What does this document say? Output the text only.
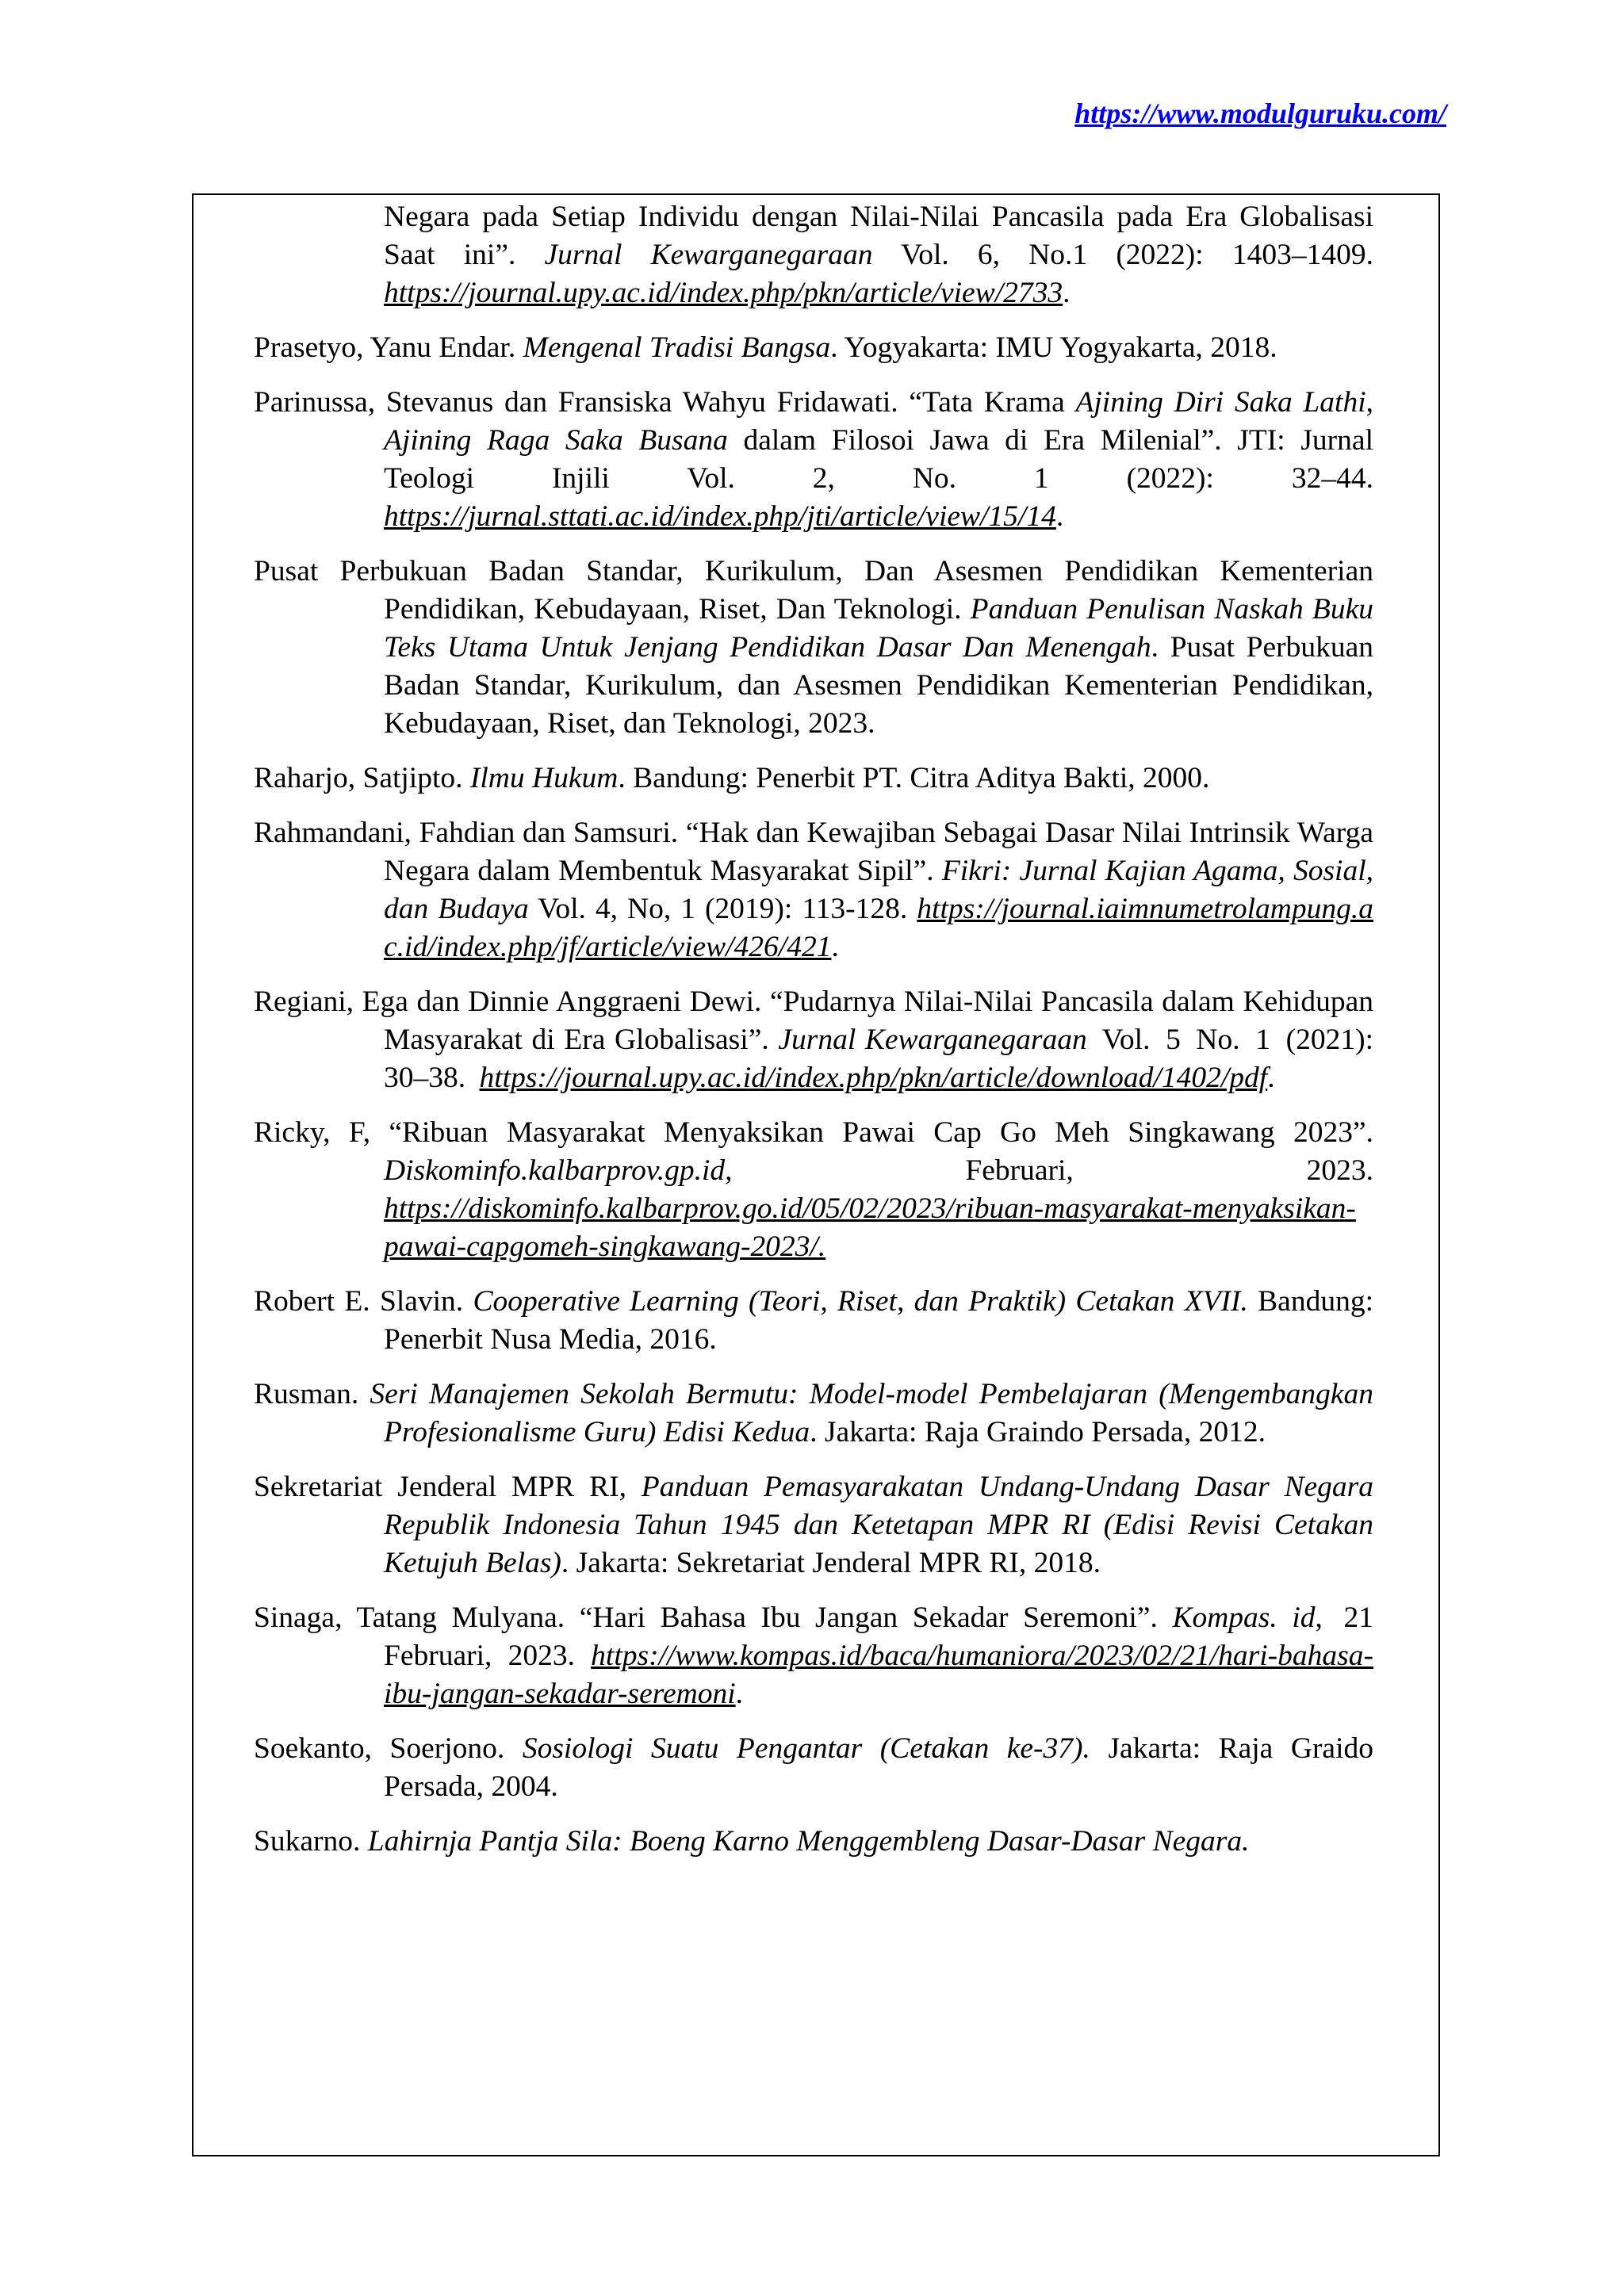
https://www.modulguruku.com/

Negara pada Setiap Individu dengan Nilai-Nilai Pancasila pada Era Globalisasi Saat ini”. Jurnal Kewarganegaraan Vol. 6, No.1 (2022): 1403–1409. https://journal.upy.ac.id/index.php/pkn/article/view/2733.

Prasetyo, Yanu Endar. Mengenal Tradisi Bangsa. Yogyakarta: IMU Yogyakarta, 2018.

Parinussa, Stevanus dan Fransiska Wahyu Fridawati. “Tata Krama Ajining Diri Saka Lathi, Ajining Raga Saka Busana dalam Filosoi Jawa di Era Milenial”. JTI: Jurnal Teologi Injili Vol. 2, No. 1 (2022): 32–44. https://jurnal.sttati.ac.id/index.php/jti/article/view/15/14.

Pusat Perbukuan Badan Standar, Kurikulum, Dan Asesmen Pendidikan Kementerian Pendidikan, Kebudayaan, Riset, Dan Teknologi. Panduan Penulisan Naskah Buku Teks Utama Untuk Jenjang Pendidikan Dasar Dan Menengah. Pusat Perbukuan Badan Standar, Kurikulum, dan Asesmen Pendidikan Kementerian Pendidikan, Kebudayaan, Riset, dan Teknologi, 2023.

Raharjo, Satjipto. Ilmu Hukum. Bandung: Penerbit PT. Citra Aditya Bakti, 2000.

Rahmandani, Fahdian dan Samsuri. “Hak dan Kewajiban Sebagai Dasar Nilai Intrinsik Warga Negara dalam Membentuk Masyarakat Sipil”. Fikri: Jurnal Kajian Agama, Sosial, dan Budaya Vol. 4, No, 1 (2019): 113-128. https://journal.iaimnumetrolampung.ac.id/index.php/jf/article/view/426/421.

Regiani, Ega dan Dinnie Anggraeni Dewi. “Pudarnya Nilai-Nilai Pancasila dalam Kehidupan Masyarakat di Era Globalisasi”. Jurnal Kewarganegaraan Vol. 5 No. 1 (2021): 30–38. https://journal.upy.ac.id/index.php/pkn/article/download/1402/pdf.

Ricky, F, “Ribuan Masyarakat Menyaksikan Pawai Cap Go Meh Singkawang 2023”. Diskominfo.kalbarprov.gp.id, Februari, 2023. https://diskominfo.kalbarprov.go.id/05/02/2023/ribuan-masyarakat-menyaksikan-pawai-capgomeh-singkawang-2023/.

Robert E. Slavin. Cooperative Learning (Teori, Riset, dan Praktik) Cetakan XVII. Bandung: Penerbit Nusa Media, 2016.

Rusman. Seri Manajemen Sekolah Bermutu: Model-model Pembelajaran (Mengembangkan Profesionalisme Guru) Edisi Kedua. Jakarta: Raja Graindo Persada, 2012.

Sekretariat Jenderal MPR RI, Panduan Pemasyarakatan Undang-Undang Dasar Negara Republik Indonesia Tahun 1945 dan Ketetapan MPR RI (Edisi Revisi Cetakan Ketujuh Belas). Jakarta: Sekretariat Jenderal MPR RI, 2018.

Sinaga, Tatang Mulyana. “Hari Bahasa Ibu Jangan Sekadar Seremoni”. Kompas. id, 21 Februari, 2023. https://www.kompas.id/baca/humaniora/2023/02/21/hari-bahasa-ibu-jangan-sekadar-seremoni.

Soekanto, Soerjono. Sosiologi Suatu Pengantar (Cetakan ke-37). Jakarta: Raja Graido Persada, 2004.

Sukarno. Lahirnja Pantja Sila: Boeng Karno Menggembleng Dasar-Dasar Negara.
